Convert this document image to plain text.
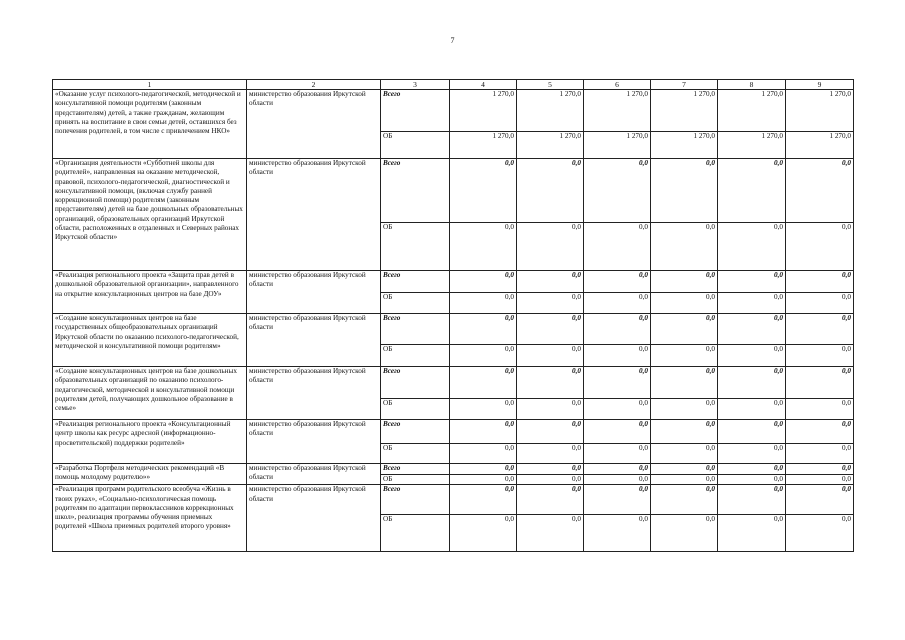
7
1	2	3	4	5	6	7	8	9
«Оказание услуг психолого-педагогической, методической и консультативной помощи родителям (законным представителям) детей, а также гражданам, желающим принять на воспитание в свои семьи детей, оставшихся без попечения родителей, в том числе с привлечением НКО»	министерство образования Иркутской области	Всего	1 270,0	1 270,0	1 270,0	1 270,0	1 270,0	1 270,0
		ОБ	1 270,0	1 270,0	1 270,0	1 270,0	1 270,0	1 270,0
«Организация деятельности «Субботней школы для родителей», направленная на оказание методической, правовой, психолого-педагогической, диагностической и консультативной помощи, (включая службу ранней коррекционной помощи) родителям (законным представителям) детей на базе дошкольных образовательных организаций, образовательных организаций Иркутской области, расположенных в отдаленных и Северных районах Иркутской области»	министерство образования Иркутской области	Всего	0,0	0,0	0,0	0,0	0,0	0,0
		ОБ	0,0	0,0	0,0	0,0	0,0	0,0
«Реализация регионального проекта «Защита прав детей в дошкольной образовательной организации», направленного на открытие консультационных центров на базе ДОУ»	министерство образования Иркутской области	Всего	0,0	0,0	0,0	0,0	0,0	0,0
		ОБ	0,0	0,0	0,0	0,0	0,0	0,0
«Создание консультационных центров на базе государственных общеобразовательных организаций Иркутской области по оказанию психолого-педагогической, методической и консультативной помощи родителям»	министерство образования Иркутской области	Всего	0,0	0,0	0,0	0,0	0,0	0,0
		ОБ	0,0	0,0	0,0	0,0	0,0	0,0
«Создание консультационных центров на базе дошкольных образовательных организаций по оказанию психолого-педагогической, методической и консультативной помощи родителям детей, получающих дошкольное образование в семье»	министерство образования Иркутской области	Всего	0,0	0,0	0,0	0,0	0,0	0,0
		ОБ	0,0	0,0	0,0	0,0	0,0	0,0
«Реализация регионального проекта «Консультационный центр школы как ресурс адресной (информационно-просветительской) поддержки родителей»	министерство образования Иркутской области	Всего	0,0	0,0	0,0	0,0	0,0	0,0
		ОБ	0,0	0,0	0,0	0,0	0,0	0,0
«Разработка Портфеля методических рекомендаций «В помощь молодому родителю»»	министерство образования Иркутской области	Всего	0,0	0,0	0,0	0,0	0,0	0,0
		ОБ	0,0	0,0	0,0	0,0	0,0	0,0
«Реализация программ родительского всеобуча «Жизнь в твоих руках», «Социально-психологическая помощь родителям по адаптации первоклассников коррекционных школ», реализация программы обучения приемных родителей «Школа приемных родителей второго уровня»	министерство образования Иркутской области	Всего	0,0	0,0	0,0	0,0	0,0	0,0
		ОБ	0,0	0,0	0,0	0,0	0,0	0,0
